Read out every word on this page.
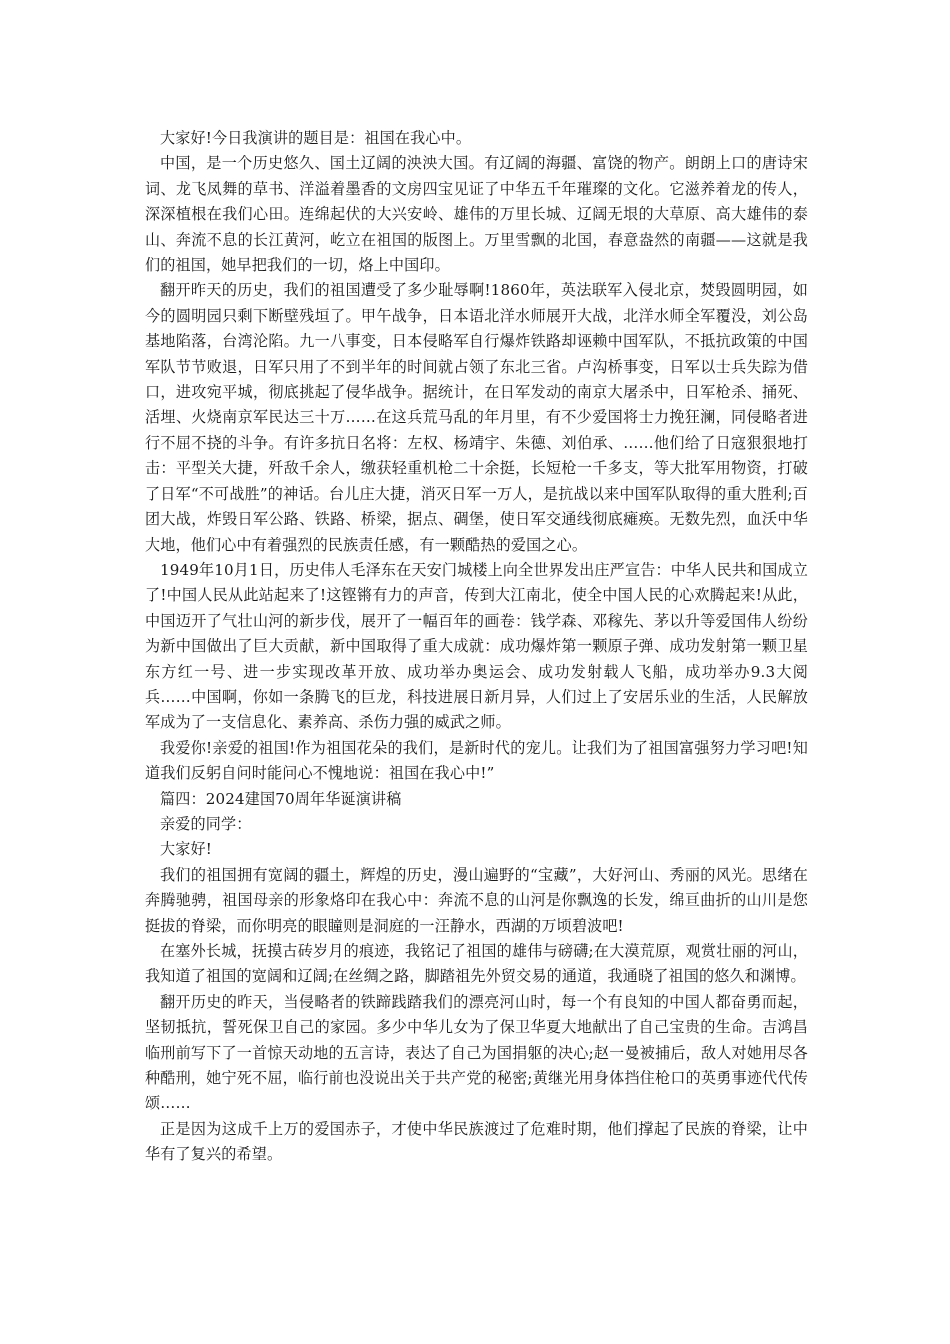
大家好!今日我演讲的题目是：祖国在我心中。

中国，是一个历史悠久、国土辽阔的泱泱大国。有辽阔的海疆、富饶的物产。朗朗上口的唐诗宋词、龙飞凤舞的草书、洋溢着墨香的文房四宝见证了中华五千年璀璨的文化。它滋养着龙的传人，深深植根在我们心田。连绵起伏的大兴安岭、雄伟的万里长城、辽阔无垠的大草原、高大雄伟的泰山、奔流不息的长江黄河，屹立在祖国的版图上。万里雪飘的北国，春意盎然的南疆——这就是我们的祖国，她早把我们的一切，烙上中国印。

翻开昨天的历史，我们的祖国遭受了多少耻辱啊!1860年，英法联军入侵北京，焚毁圆明园，如今的圆明园只剩下断壁残垣了。甲午战争，日本语北洋水师展开大战，北洋水师全军覆没，刘公岛基地陷落，台湾沦陷。九一八事变，日本侵略军自行爆炸铁路却诬赖中国军队，不抵抗政策的中国军队节节败退，日军只用了不到半年的时间就占领了东北三省。卢沟桥事变，日军以士兵失踪为借口，进攻宛平城，彻底挑起了侵华战争。据统计，在日军发动的南京大屠杀中，日军枪杀、捅死、活埋、火烧南京军民达三十万……在这兵荒马乱的年月里，有不少爱国将士力挽狂澜，同侵略者进行不屈不挠的斗争。有许多抗日名将：左权、杨靖宇、朱德、刘伯承、……他们给了日寇狠狠地打击：平型关大捷，歼敌千余人，缴获轻重机枪二十余挺，长短枪一千多支，等大批军用物资，打破了日军“不可战胜”的神话。台儿庄大捷，消灭日军一万人，是抗战以来中国军队取得的重大胜利;百团大战，炸毁日军公路、铁路、桥梁，据点、碉堡，使日军交通线彻底瘫痪。无数先烈，血沃中华大地，他们心中有着强烈的民族责任感，有一颗酷热的爱国之心。

1949年10月1日，历史伟人毛泽东在天安门城楼上向全世界发出庄严宣告：中华人民共和国成立了!中国人民从此站起来了!这铿锵有力的声音，传到大江南北，使全中国人民的心欢腾起来!从此，中国迈开了气壮山河的新步伐，展开了一幅百年的画卷：钱学森、邓稼先、茅以升等爱国伟人纷纷为新中国做出了巨大贡献，新中国取得了重大成就：成功爆炸第一颗原子弹、成功发射第一颗卫星东方红一号、进一步实现改革开放、成功举办奥运会、成功发射载人飞船，成功举办9.3大阅兵……中国啊，你如一条腾飞的巨龙，科技进展日新月异，人们过上了安居乐业的生活，人民解放军成为了一支信息化、素养高、杀伤力强的威武之师。

我爱你!亲爱的祖国!作为祖国花朵的我们，是新时代的宠儿。让我们为了祖国富强努力学习吧!知道我们反躬自问时能问心不愧地说：祖国在我心中!”

篇四：2024建国70周年华诞演讲稿

亲爱的同学：

大家好!

我们的祖国拥有宽阔的疆土，辉煌的历史，漫山遍野的“宝藏”，大好河山、秀丽的风光。思绪在奔腾驰骋，祖国母亲的形象烙印在我心中：奔流不息的山河是你飘逸的长发，绵亘曲折的山川是您挺拔的脊梁，而你明亮的眼瞳则是洞庭的一汪静水，西湖的万顷碧波吧!

在塞外长城，抚摸古砖岁月的痕迹，我铭记了祖国的雄伟与磅礴;在大漠荒原，观赏壮丽的河山，我知道了祖国的宽阔和辽阔;在丝绸之路，脚踏祖先外贸交易的通道，我通晓了祖国的悠久和渊博。

翻开历史的昨天，当侵略者的铁蹄践踏我们的漂亮河山时，每一个有良知的中国人都奋勇而起，坚韧抵抗，誓死保卫自己的家园。多少中华儿女为了保卫华夏大地献出了自己宝贵的生命。吉鸿昌临刑前写下了一首惊天动地的五言诗，表达了自己为国捐躯的决心;赵一曼被捕后，敌人对她用尽各种酷刑，她宁死不屈，临行前也没说出关于共产党的秘密;黄继光用身体挡住枪口的英勇事迹代代传颂……

正是因为这成千上万的爱国赤子，才使中华民族渡过了危难时期，他们撑起了民族的脊梁，让中华有了复兴的希望。
